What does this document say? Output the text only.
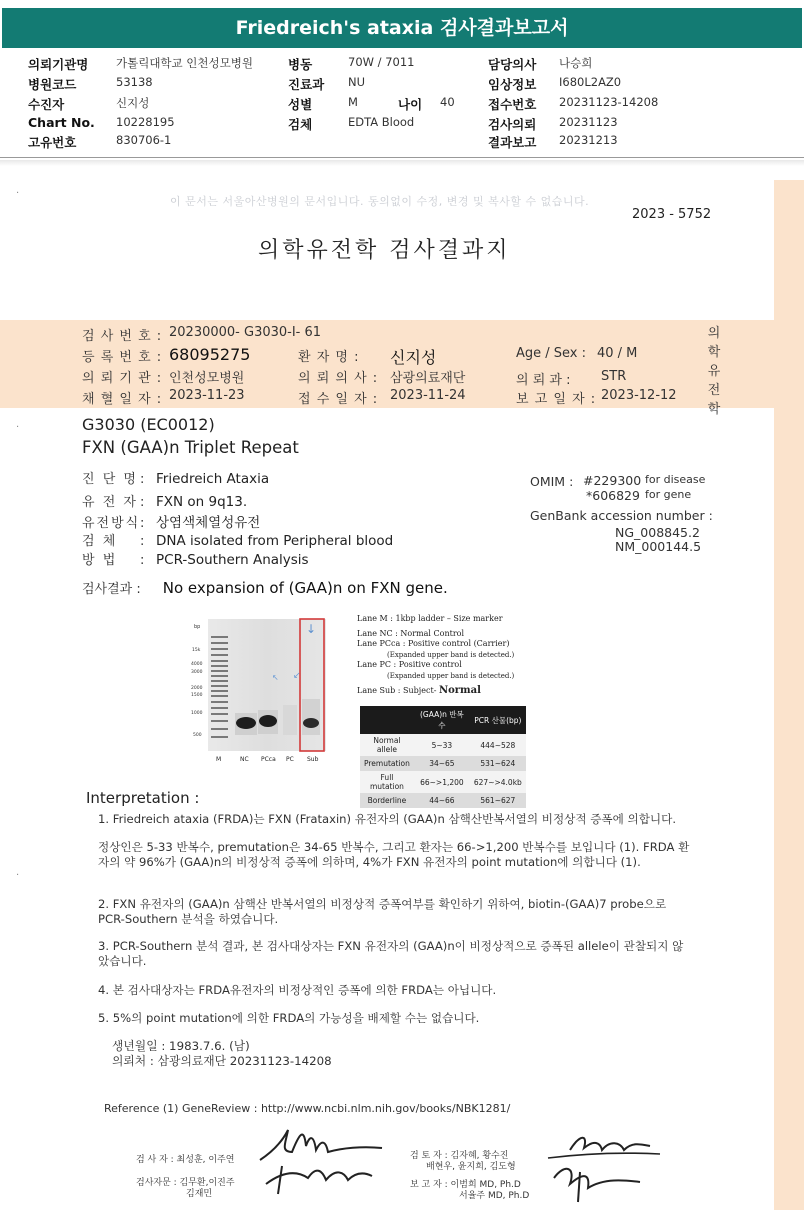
Friedreich's ataxia 검사결과보고서
의뢰기관명 가톨릭대학교 인천성모병원	병동	70W / 7011	담당의사 나승희
병원코드	53138	진료과 NU	임상정보 I680L2AZ0
수진자	신지성	성별	M	나이 40	접수번호 20231123-14208
Chart No. 10228195	검체	EDTA Blood	검사의뢰 20231123
고유번호	830706-1	결과보고 20231213
·
·
·
이 문서는 서울아산병원의 문서입니다. 동의없이 수정, 변경 및 복사할 수 없습니다.
2023 - 5752
의학유전학 검사결과지
의
학
유
전
학
검 사 번 호 : 20230000- G3030-I- 61
등 록 번 호 : 68095275	환 자 명 : 신지성	Age / Sex : 40 / M
의 뢰 기 관 : 인천성모병원	의 뢰 의 사 : 삼광의료재단	의 뢰 과 : STR
채 혈 일 자 : 2023-11-23	접 수 일 자 : 2023-11-24	보 고 일 자 : 2023-12-12
G3030 (EC0012)
FXN (GAA)n Triplet Repeat
진 단 명 : Friedreich Ataxia
유 전 자 : FXN on 9q13.
유전방식: 상염색체열성유전
검 체 : DNA isolated from Peripheral blood
방 법 : PCR-Southern Analysis
OMIM : #229300 for disease
*606829 for gene
GenBank accession number :
NG_008845.2
NM_000144.5
검사결과 : No expansion of (GAA)n on FXN gene.
bp
15k
4000
3000
2000
1500
1000
500
↖ ↙
↓
M	NC PCca PC Sub
Lane M : 1kbp ladder – Size marker
Lane NC : Normal Control
Lane PCca : Positive control (Carrier)
(Expanded upper band is detected.)
Lane PC : Positive control
(Expanded upper band is detected.)
Lane Sub : Subject- Normal
	(GAA)n 반복수	PCR 산물(bp)
Normal allele	5~33	444~528
Premutation	34~65	531~624
Full mutation	66~>1,200	627~>4.0kb
Borderline	44~66	561~627
Interpretation :
1. Friedreich ataxia (FRDA)는 FXN (Frataxin) 유전자의 (GAA)n 삼핵산반복서열의 비정상적 증폭에 의합니다.
정상인은 5-33 반복수, premutation은 34-65 반복수, 그리고 환자는 66->1,200 반복수를 보입니다 (1). FRDA 환자의 약 96%가 (GAA)n의 비정상적 증폭에 의하며, 4%가 FXN 유전자의 point mutation에 의합니다 (1).
2. FXN 유전자의 (GAA)n 삼핵산 반복서열의 비정상적 증폭여부를 확인하기 위하여, biotin-(GAA)7 probe으로 PCR-Southern 분석을 하였습니다.
3. PCR-Southern 분석 결과, 본 검사대상자는 FXN 유전자의 (GAA)n이 비정상적으로 증폭된 allele이 관찰되지 않았습니다.
4. 본 검사대상자는 FRDA유전자의 비정상적인 증폭에 의한 FRDA는 아닙니다.
5. 5%의 point mutation에 의한 FRDA의 가능성을 배제할 수는 없습니다.
생년월일 : 1983.7.6. (남)
의뢰처 : 삼광의료재단 20231123-14208
Reference (1) GeneReview : http://www.ncbi.nlm.nih.gov/books/NBK1281/
검 사 자 : 최성훈, 이주연
검사자문 : 김무환,이진주
김재민
검 토 자 : 김자혜, 황수진
배현우, 윤지희, 김도형
보 고 자 : 이범희 MD, Ph.D
서율주 MD, Ph.D
